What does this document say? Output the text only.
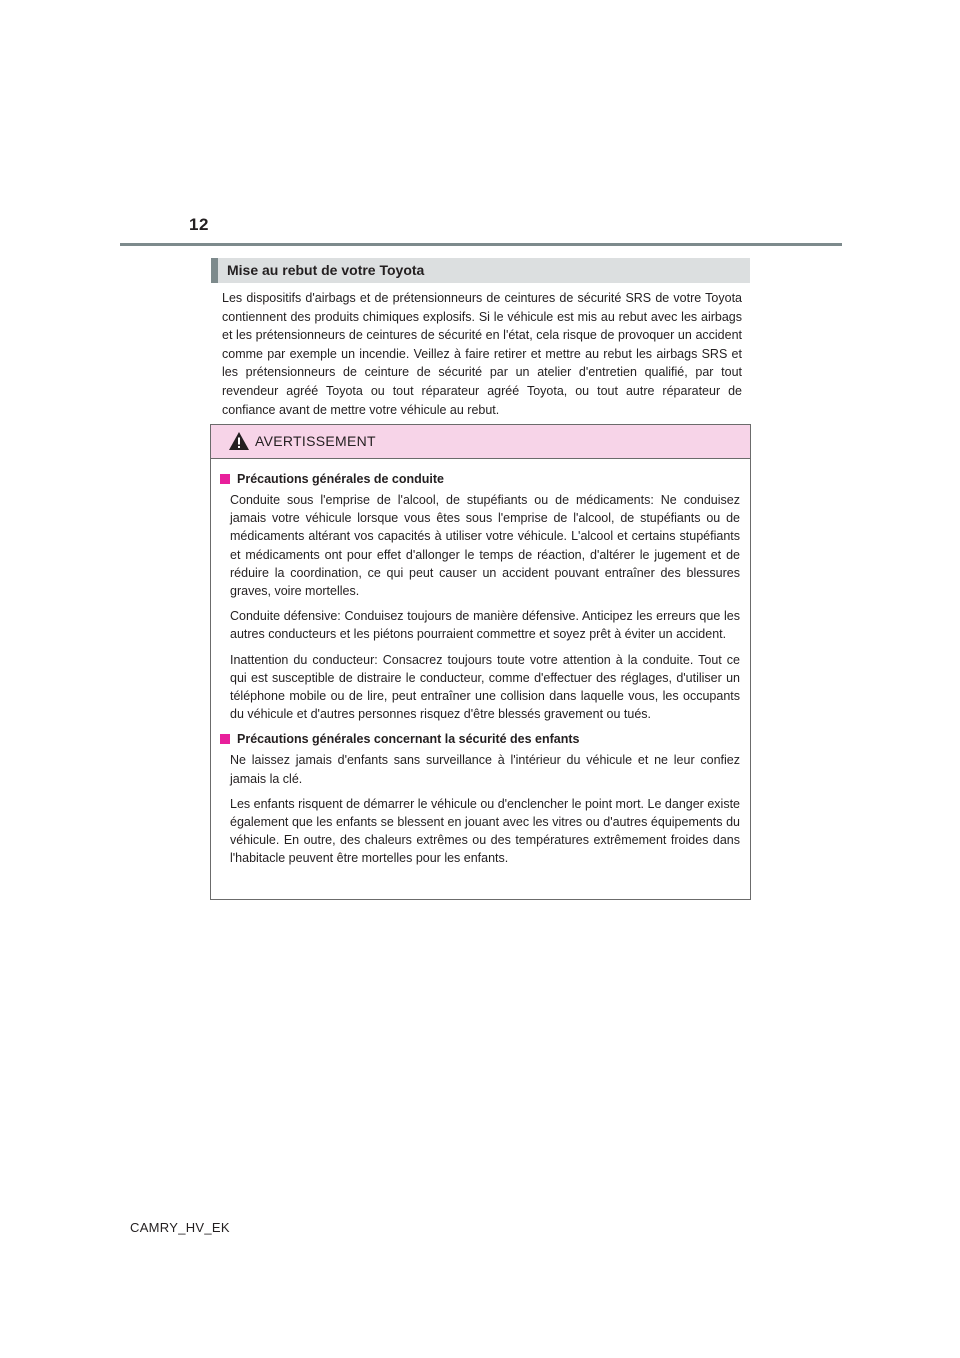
12
Mise au rebut de votre Toyota

Les dispositifs d'airbags et de prétensionneurs de ceintures de sécurité SRS de votre Toyota contiennent des produits chimiques explosifs. Si le véhicule est mis au rebut avec les airbags et les prétensionneurs de ceintures de sécurité en l'état, cela risque de provoquer un accident comme par exemple un incendie. Veillez à faire retirer et mettre au rebut les airbags SRS et les prétensionneurs de ceinture de sécurité par un atelier d'entretien qualifié, par tout revendeur agréé Toyota ou tout réparateur agréé Toyota, ou tout autre réparateur de confiance avant de mettre votre véhicule au rebut.

AVERTISSEMENT
Précautions générales de conduite

Conduite sous l'emprise de l'alcool, de stupéfiants ou de médicaments: Ne conduisez jamais votre véhicule lorsque vous êtes sous l'emprise de l'alcool, de stupéfiants ou de médicaments altérant vos capacités à utiliser votre véhicule. L'alcool et certains stupéfiants et médicaments ont pour effet d'allonger le temps de réaction, d'altérer le jugement et de réduire la coordination, ce qui peut causer un accident pouvant entraîner des blessures graves, voire mortelles.

Conduite défensive: Conduisez toujours de manière défensive. Anticipez les erreurs que les autres conducteurs et les piétons pourraient commettre et soyez prêt à éviter un accident.

Inattention du conducteur: Consacrez toujours toute votre attention à la conduite. Tout ce qui est susceptible de distraire le conducteur, comme d'effectuer des réglages, d'utiliser un téléphone mobile ou de lire, peut entraîner une collision dans laquelle vous, les occupants du véhicule et d'autres personnes risquez d'être blessés gravement ou tués.

Précautions générales concernant la sécurité des enfants

Ne laissez jamais d'enfants sans surveillance à l'intérieur du véhicule et ne leur confiez jamais la clé.

Les enfants risquent de démarrer le véhicule ou d'enclencher le point mort. Le danger existe également que les enfants se blessent en jouant avec les vitres ou d'autres équipements du véhicule. En outre, des chaleurs extrêmes ou des températures extrêmement froides dans l'habitacle peuvent être mortelles pour les enfants.

CAMRY_HV_EK
